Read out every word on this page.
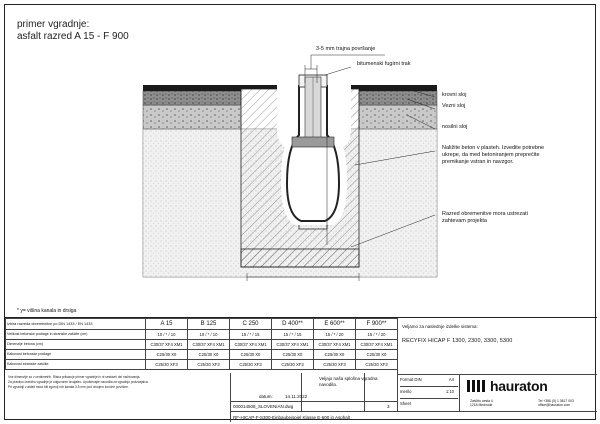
primer vgradnje:
asfalt razred A 15 - F 900
3-5 mm trajna površanje
bitumenski fugirni trak
krovni sloj
Vezni sloj
nosilni sloj
Naližite beton v plasteh. Izvedite potrebne ukrepe, da med betoniranjem preprečite premikanje vstran in navzgor.
Razred obremenitve mora ustrezati zahtevam projekta
* y= višina kanala in drsiga
Izbira razreda obremenitve po DIN 1433 / EN 1433	A 15	B 125	C 250	D 400**	E 600**	F 900**
Velikost betonske podlage in stranske zaščite (cm)	10 / * / 10	10 / * / 10	15 / * / 15	15 / * / 15	15 / * / 20	15 / * / 20
Dimenzije betona (cm)	C30/37 XF4 XM1	C30/37 XF4 XM1	C30/37 XF4 XM1	C30/37 XF4 XM1	C30/37 XF4 XM1	C30/37 XF4 XM1
Kakovost betonske podlage	C25/30 X0	C25/30 X0	C25/30 X0	C25/30 X0	C25/30 X0	C25/30 X0
Kakovost stranske zaščite	C25/30 XF3	C25/30 XF3	C25/30 XF3	C25/30 XF3	C25/30 XF3	C25/30 XF3

Vse dimenzije so v centimetrih. Risba prikazuje primer vgradnje in ni sestavni del načrtovanja.

Za pravilno izvedbo vgradnje je odgovoren izvajalec. Upoštevajte navodila za vgradnjo proizvajalca.

Pri vgradnji v asfalt mora biti zgornji rob kanala 3-5 mm pod nivojem končne površine.

datum:	14.11.2022
Veljajo naša splošna vgradna navodila.
000014508_SLOVENIAN.dwg	3
RF-HICAP-F-S300-Einbaubeispiel Klasse E-600 in Asphalt
Veljamo za naslednje izdelke sistema:
RECYFIX HICAP F 1300, 2300, 3300, 5300
Format DIN	A4
merilo	1:10
Sheet
hauraton
Zaščito cesta 4
1218 Medvode
Tel +386 (0) 1 3617 003
office@hauraton.com
